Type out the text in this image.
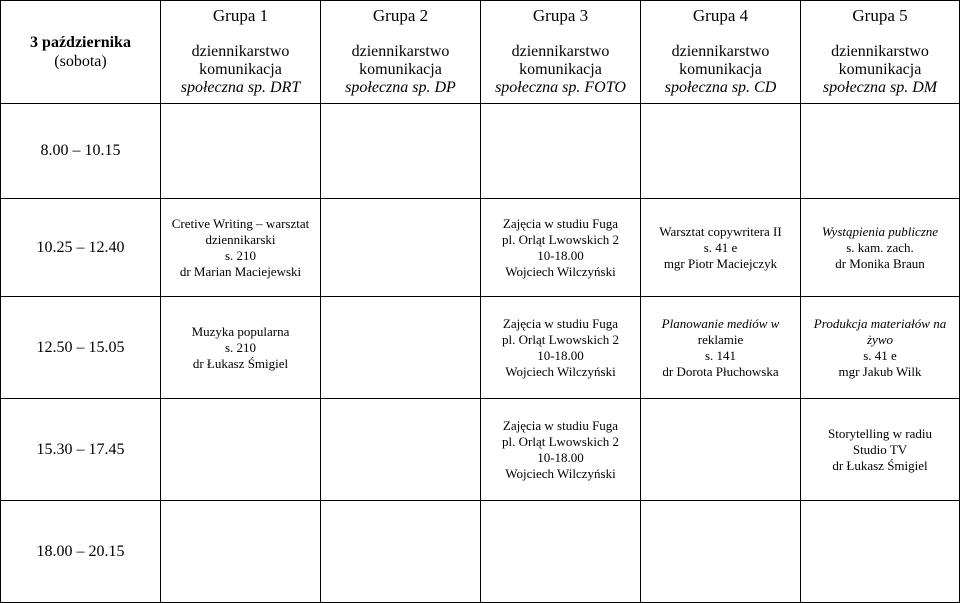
3 października
(sobota)	Grupa 1
dziennikarstwo
komunikacja
społeczna sp. DRT	Grupa 2
dziennikarstwo
komunikacja
społeczna sp. DP	Grupa 3
dziennikarstwo
komunikacja
społeczna sp. FOTO	Grupa 4
dziennikarstwo
komunikacja
społeczna sp. CD	Grupa 5
dziennikarstwo
komunikacja
społeczna sp. DM

8.00 – 10.15					
10.25 – 12.40	Cretive Writing – warsztat
dziennikarski
s. 210
dr Marian Maciejewski		Zajęcia w studiu Fuga
pl. Orląt Lwowskich 2
10-18.00
Wojciech Wilczyński	Warsztat copywritera II
s. 41 e
mgr Piotr Maciejczyk	Wystąpienia publiczne
s. kam. zach.
dr Monika Braun

12.50 – 15.05	Muzyka popularna
s. 210
dr Łukasz Śmigiel		Zajęcia w studiu Fuga
pl. Orląt Lwowskich 2
10-18.00
Wojciech Wilczyński	Planowanie mediów w
reklamie
s. 141
dr Dorota Płuchowska	Produkcja materiałów na
żywo
s. 41 e
mgr Jakub Wilk

15.30 – 17.45			Zajęcia w studiu Fuga
pl. Orląt Lwowskich 2
10-18.00
Wojciech Wilczyński		Storytelling w radiu
Studio TV
dr Łukasz Śmigiel

18.00 – 20.15					
